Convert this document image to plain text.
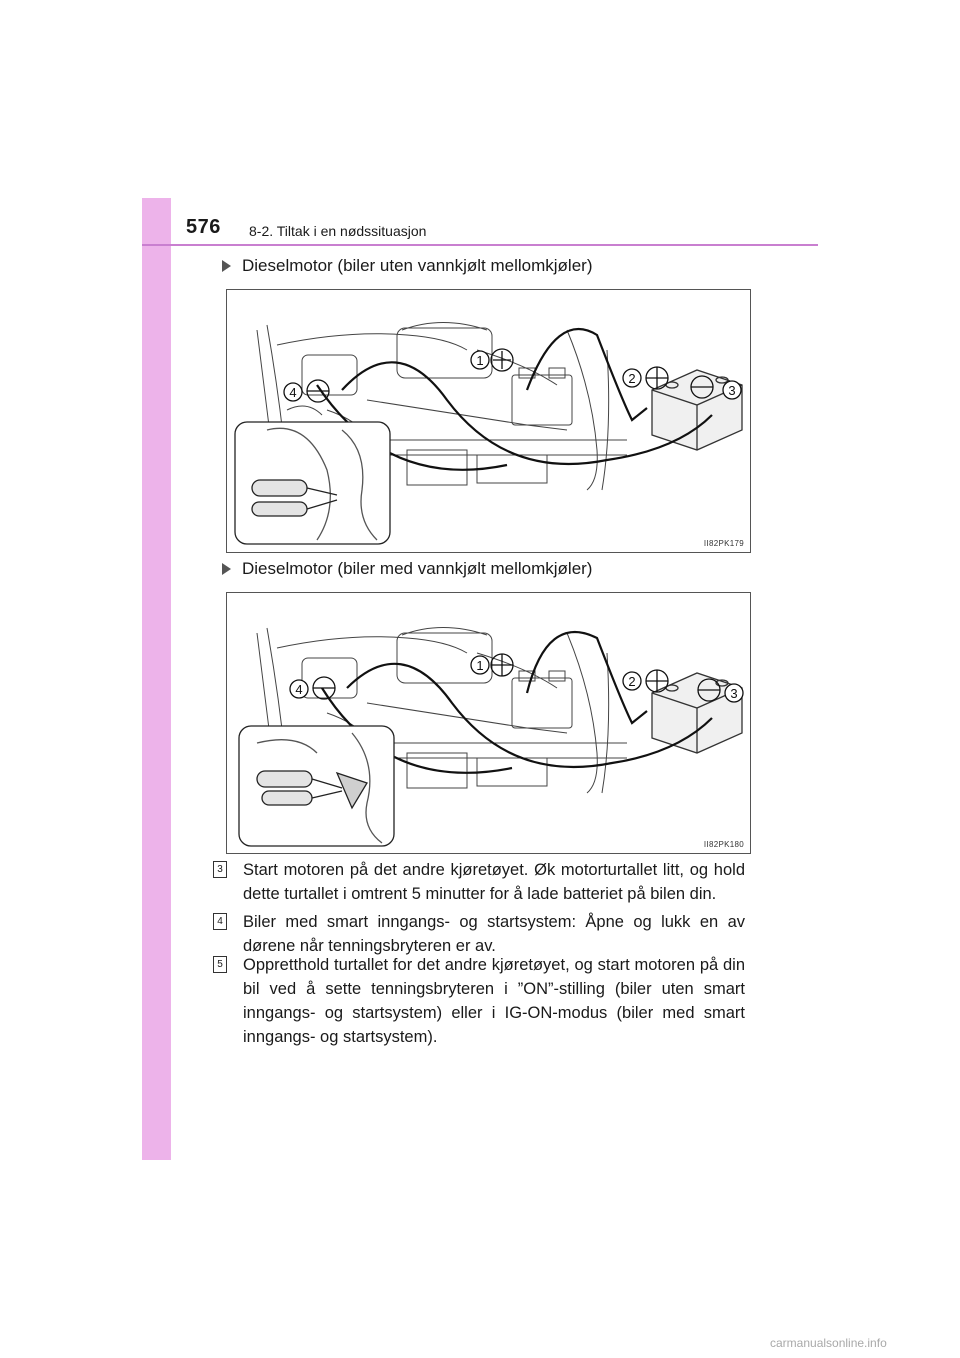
576 8-2. Tiltak i en nødssituasjon
Dieselmotor (biler uten vannkjølt mellomkjøler)
1
2
3
4
II82PK179
Dieselmotor (biler med vannkjølt mellomkjøler)
1
2
3
4
II82PK180
3 Start motoren på det andre kjøretøyet. Øk motorturtallet litt, og hold dette turtallet i omtrent 5 minutter for å lade batteriet på bilen din.
4 Biler med smart inngangs- og startsystem: Åpne og lukk en av dørene når tenningsbryteren er av.
5 Oppretthold turtallet for det andre kjøretøyet, og start motoren på din bil ved å sette tenningsbryteren i ”ON”-stilling (biler uten smart inngangs- og startsystem) eller i IG-ON-modus (biler med smart inngangs- og startsystem).
carmanualsonline.info
